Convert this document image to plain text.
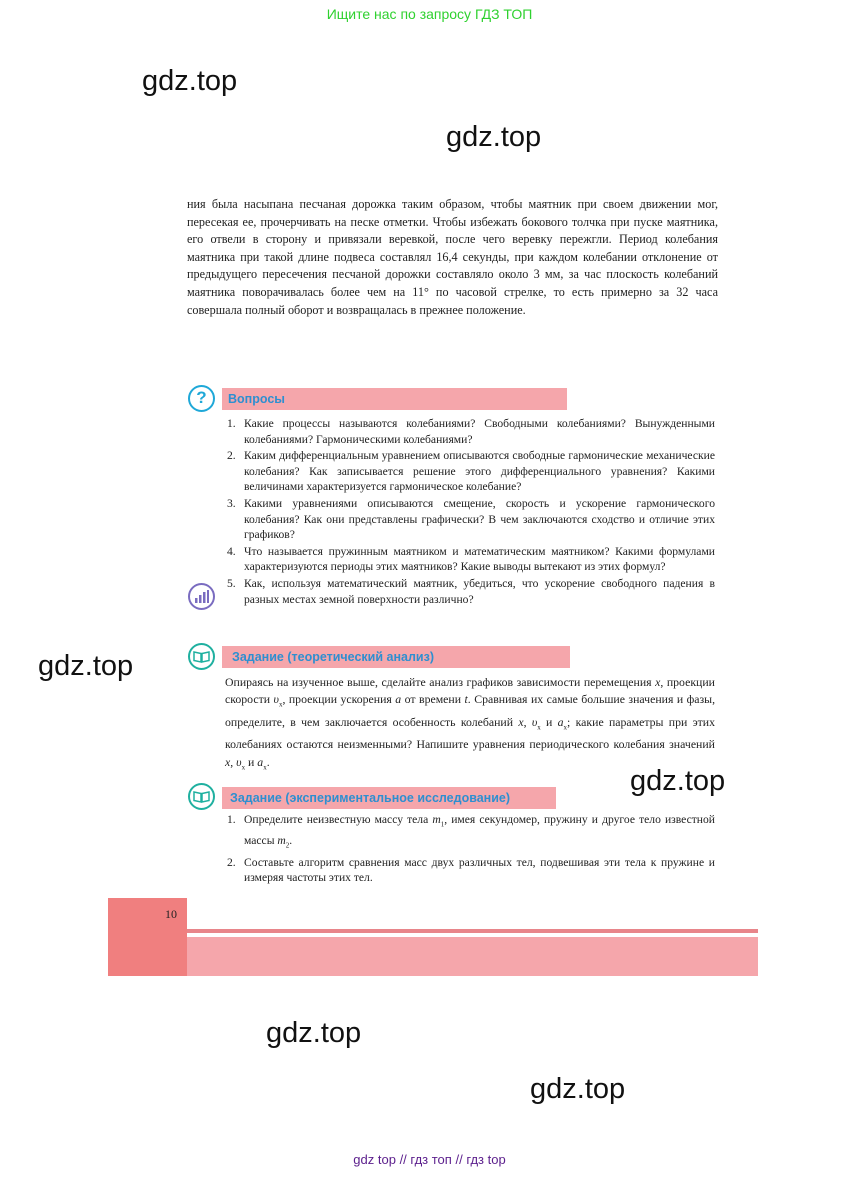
Ищите нас по запросу ГДЗ ТОП
gdz.top
gdz.top
gdz.top
gdz.top
gdz.top
gdz.top
ния была насыпана песчаная дорожка таким образом, чтобы маятник при своем движении мог, пересекая ее, прочерчивать на песке отметки. Чтобы избежать бокового толчка при пуске маятника, его отвели в сторону и привязали веревкой, после чего веревку пережгли. Период колебания маятника при такой длине подвеса составлял 16,4 секунды, при каждом колебании отклонение от предыдущего пересечения песчаной дорожки составляло около 3 мм, за час плоскость колебаний маятника поворачивалась более чем на 11° по часовой стрелке, то есть примерно за 32 часа совершала полный оборот и возвращалась в прежнее положение.
?	Вопросы
1. Какие процессы называются колебаниями? Свободными колебаниями? Вынужденными колебаниями? Гармоническими колебаниями?
2. Каким дифференциальным уравнением описываются свободные гармонические механические колебания? Как записывается решение этого дифференциального уравнения? Какими величинами характеризуется гармоническое колебание?
3. Какими уравнениями описываются смещение, скорость и ускорение гармонического колебания? Как они представлены графически? В чем заключаются сходство и отличие этих графиков?
4. Что называется пружинным маятником и математическим маятником? Какими формулами характеризуются периоды этих маятников? Какие выводы вытекают из этих формул?
5. Как, используя математический маятник, убедиться, что ускорение свободного падения в разных местах земной поверхности различно?
Задание (теоретический анализ)
Опираясь на изученное выше, сделайте анализ графиков зависимости перемещения x, проекции скорости $\upsilon_x$, проекции ускорения a от времени t. Сравнивая их самые большие значения и фазы, определите, в чем заключается особенность колебаний x, $\upsilon_x$ и $a_x$; какие параметры при этих колебаниях остаются неизменными? Напишите уравнения периодического колебания значений x, $\upsilon_x$ и $a_x$.
Задание (экспериментальное исследование)
1. Определите неизвестную массу тела $m_1$, имея секундомер, пружину и другое тело известной массы $m_2$.
2. Составьте алгоритм сравнения масс двух различных тел, подвешивая эти тела к пружине и измеряя частоты этих тел.
10
gdz top // гдз топ // гдз top
